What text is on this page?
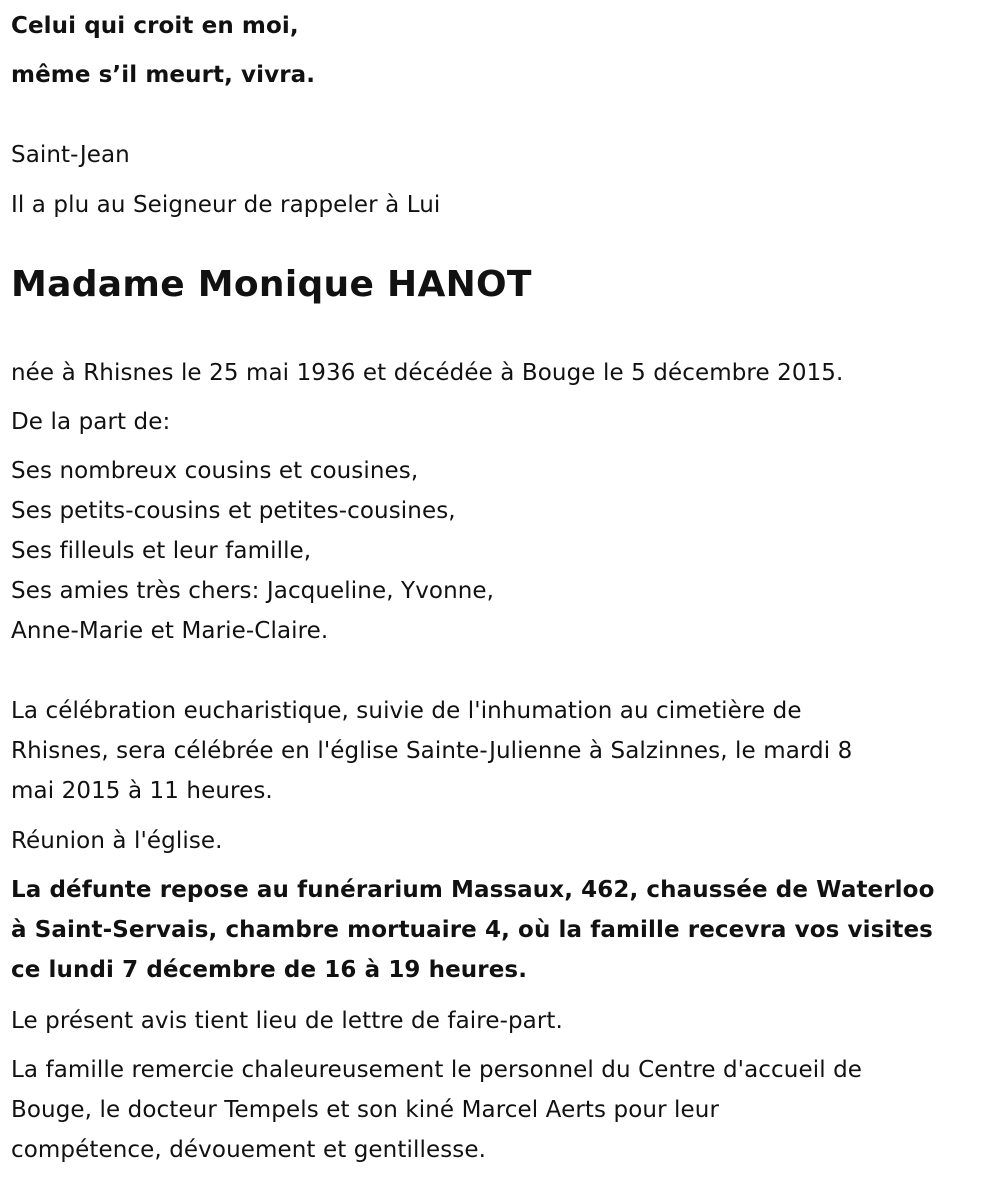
Celui qui croit en moi,
même s’il meurt, vivra.
Saint-Jean
Il a plu au Seigneur de rappeler à Lui
Madame Monique HANOT
née à Rhisnes le 25 mai 1936 et décédée à Bouge le 5 décembre 2015.
De la part de:
Ses nombreux cousins et cousines,
Ses petits-cousins et petites-cousines,
Ses filleuls et leur famille,
Ses amies très chers: Jacqueline, Yvonne,
Anne-Marie et Marie-Claire.
La célébration eucharistique, suivie de l'inhumation au cimetière de
Rhisnes, sera célébrée en l'église Sainte-Julienne à Salzinnes, le mardi 8
mai 2015 à 11 heures.
Réunion à l'église.
La défunte repose au funérarium Massaux, 462, chaussée de Waterloo
à Saint-Servais, chambre mortuaire 4, où la famille recevra vos visites
ce lundi 7 décembre de 16 à 19 heures.
Le présent avis tient lieu de lettre de faire-part.
La famille remercie chaleureusement le personnel du Centre d'accueil de
Bouge, le docteur Tempels et son kiné Marcel Aerts pour leur
compétence, dévouement et gentillesse.
